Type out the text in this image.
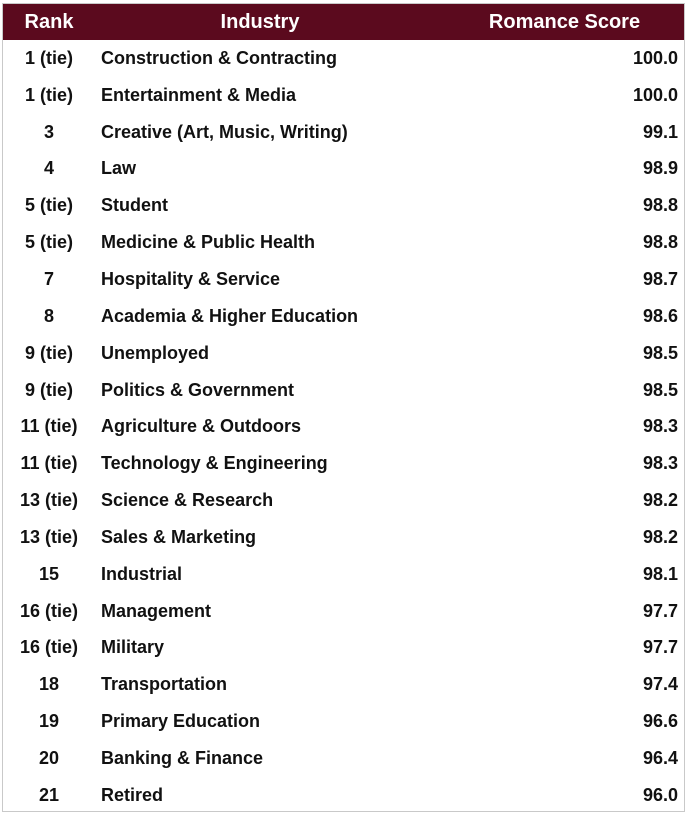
Rank	Industry	Romance Score
1 (tie)	Construction & Contracting	100.0
1 (tie)	Entertainment & Media	100.0
3	Creative (Art, Music, Writing)	99.1
4	Law	98.9
5 (tie)	Student	98.8
5 (tie)	Medicine & Public Health	98.8
7	Hospitality & Service	98.7
8	Academia & Higher Education	98.6
9 (tie)	Unemployed	98.5
9 (tie)	Politics & Government	98.5
11 (tie)	Agriculture & Outdoors	98.3
11 (tie)	Technology & Engineering	98.3
13 (tie)	Science & Research	98.2
13 (tie)	Sales & Marketing	98.2
15	Industrial	98.1
16 (tie)	Management	97.7
16 (tie)	Military	97.7
18	Transportation	97.4
19	Primary Education	96.6
20	Banking & Finance	96.4
21	Retired	96.0
